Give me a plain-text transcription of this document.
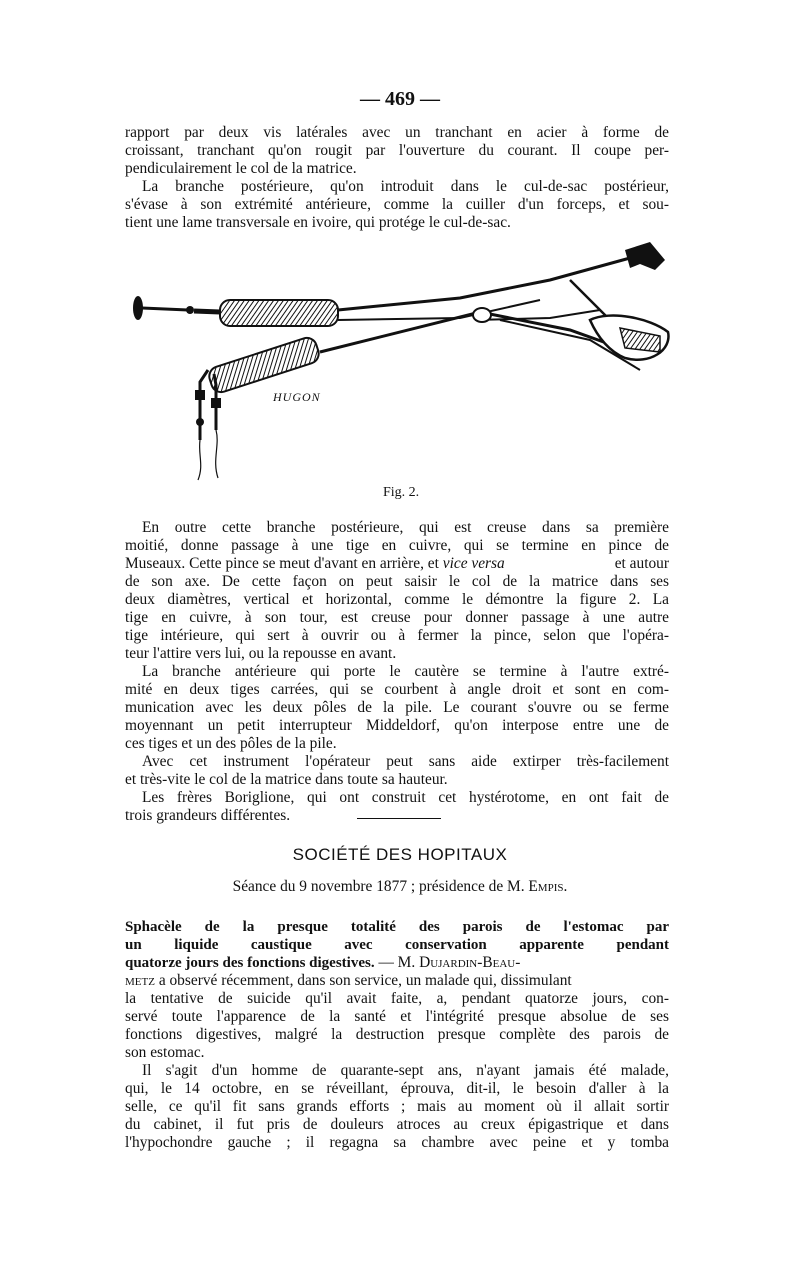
— 469 —
rapport par deux vis latérales avec un tranchant en acier à forme de
croissant, tranchant qu'on rougit par l'ouverture du courant. Il coupe per-
pendiculairement le col de la matrice.
La branche postérieure, qu'on introduit dans le cul-de-sac postérieur,
s'évase à son extrémité antérieure, comme la cuiller d'un forceps, et sou-
tient une lame transversale en ivoire, qui protége le cul-de-sac.
HUGON
Fig. 2.
En outre cette branche postérieure, qui est creuse dans sa première
moitié, donne passage à une tige en cuivre, qui se termine en pince de
Museaux. Cette pince se meut d'avant en arrière, et vice versa	et autour
de son axe. De cette façon on peut saisir le col de la matrice dans ses
deux diamètres, vertical et horizontal, comme le démontre la figure 2. La
tige en cuivre, à son tour, est creuse pour donner passage à une autre
tige intérieure, qui sert à ouvrir ou à fermer la pince, selon que l'opéra-
teur l'attire vers lui, ou la repousse en avant.
La branche antérieure qui porte le cautère se termine à l'autre extré-
mité en deux tiges carrées, qui se courbent à angle droit et sont en com-
munication avec les deux pôles de la pile. Le courant s'ouvre ou se ferme
moyennant un petit interrupteur Middeldorf, qu'on interpose entre une de
ces tiges et un des pôles de la pile.
Avec cet instrument l'opérateur peut sans aide extirper très-facilement
et très-vite le col de la matrice dans toute sa hauteur.
Les frères Boriglione, qui ont construit cet hystérotome, en ont fait de
trois grandeurs différentes.
SOCIÉTÉ DES HOPITAUX
Séance du 9 novembre 1877 ; présidence de M. Empis.
Sphacèle de la presque totalité des parois de l'estomac par
un liquide caustique avec conservation apparente pendant
quatorze jours des fonctions digestives. — M. Dujardin-Beau-
metz a observé récemment, dans son service, un malade qui, dissimulant
la tentative de suicide qu'il avait faite, a, pendant quatorze jours, con-
servé toute l'apparence de la santé et l'intégrité presque absolue de ses
fonctions digestives, malgré la destruction presque complète des parois de
son estomac.
Il s'agit d'un homme de quarante-sept ans, n'ayant jamais été malade,
qui, le 14 octobre, en se réveillant, éprouva, dit-il, le besoin d'aller à la
selle, ce qu'il fit sans grands efforts ; mais au moment où il allait sortir
du cabinet, il fut pris de douleurs atroces au creux épigastrique et dans
l'hypochondre gauche ; il regagna sa chambre avec peine et y tomba
